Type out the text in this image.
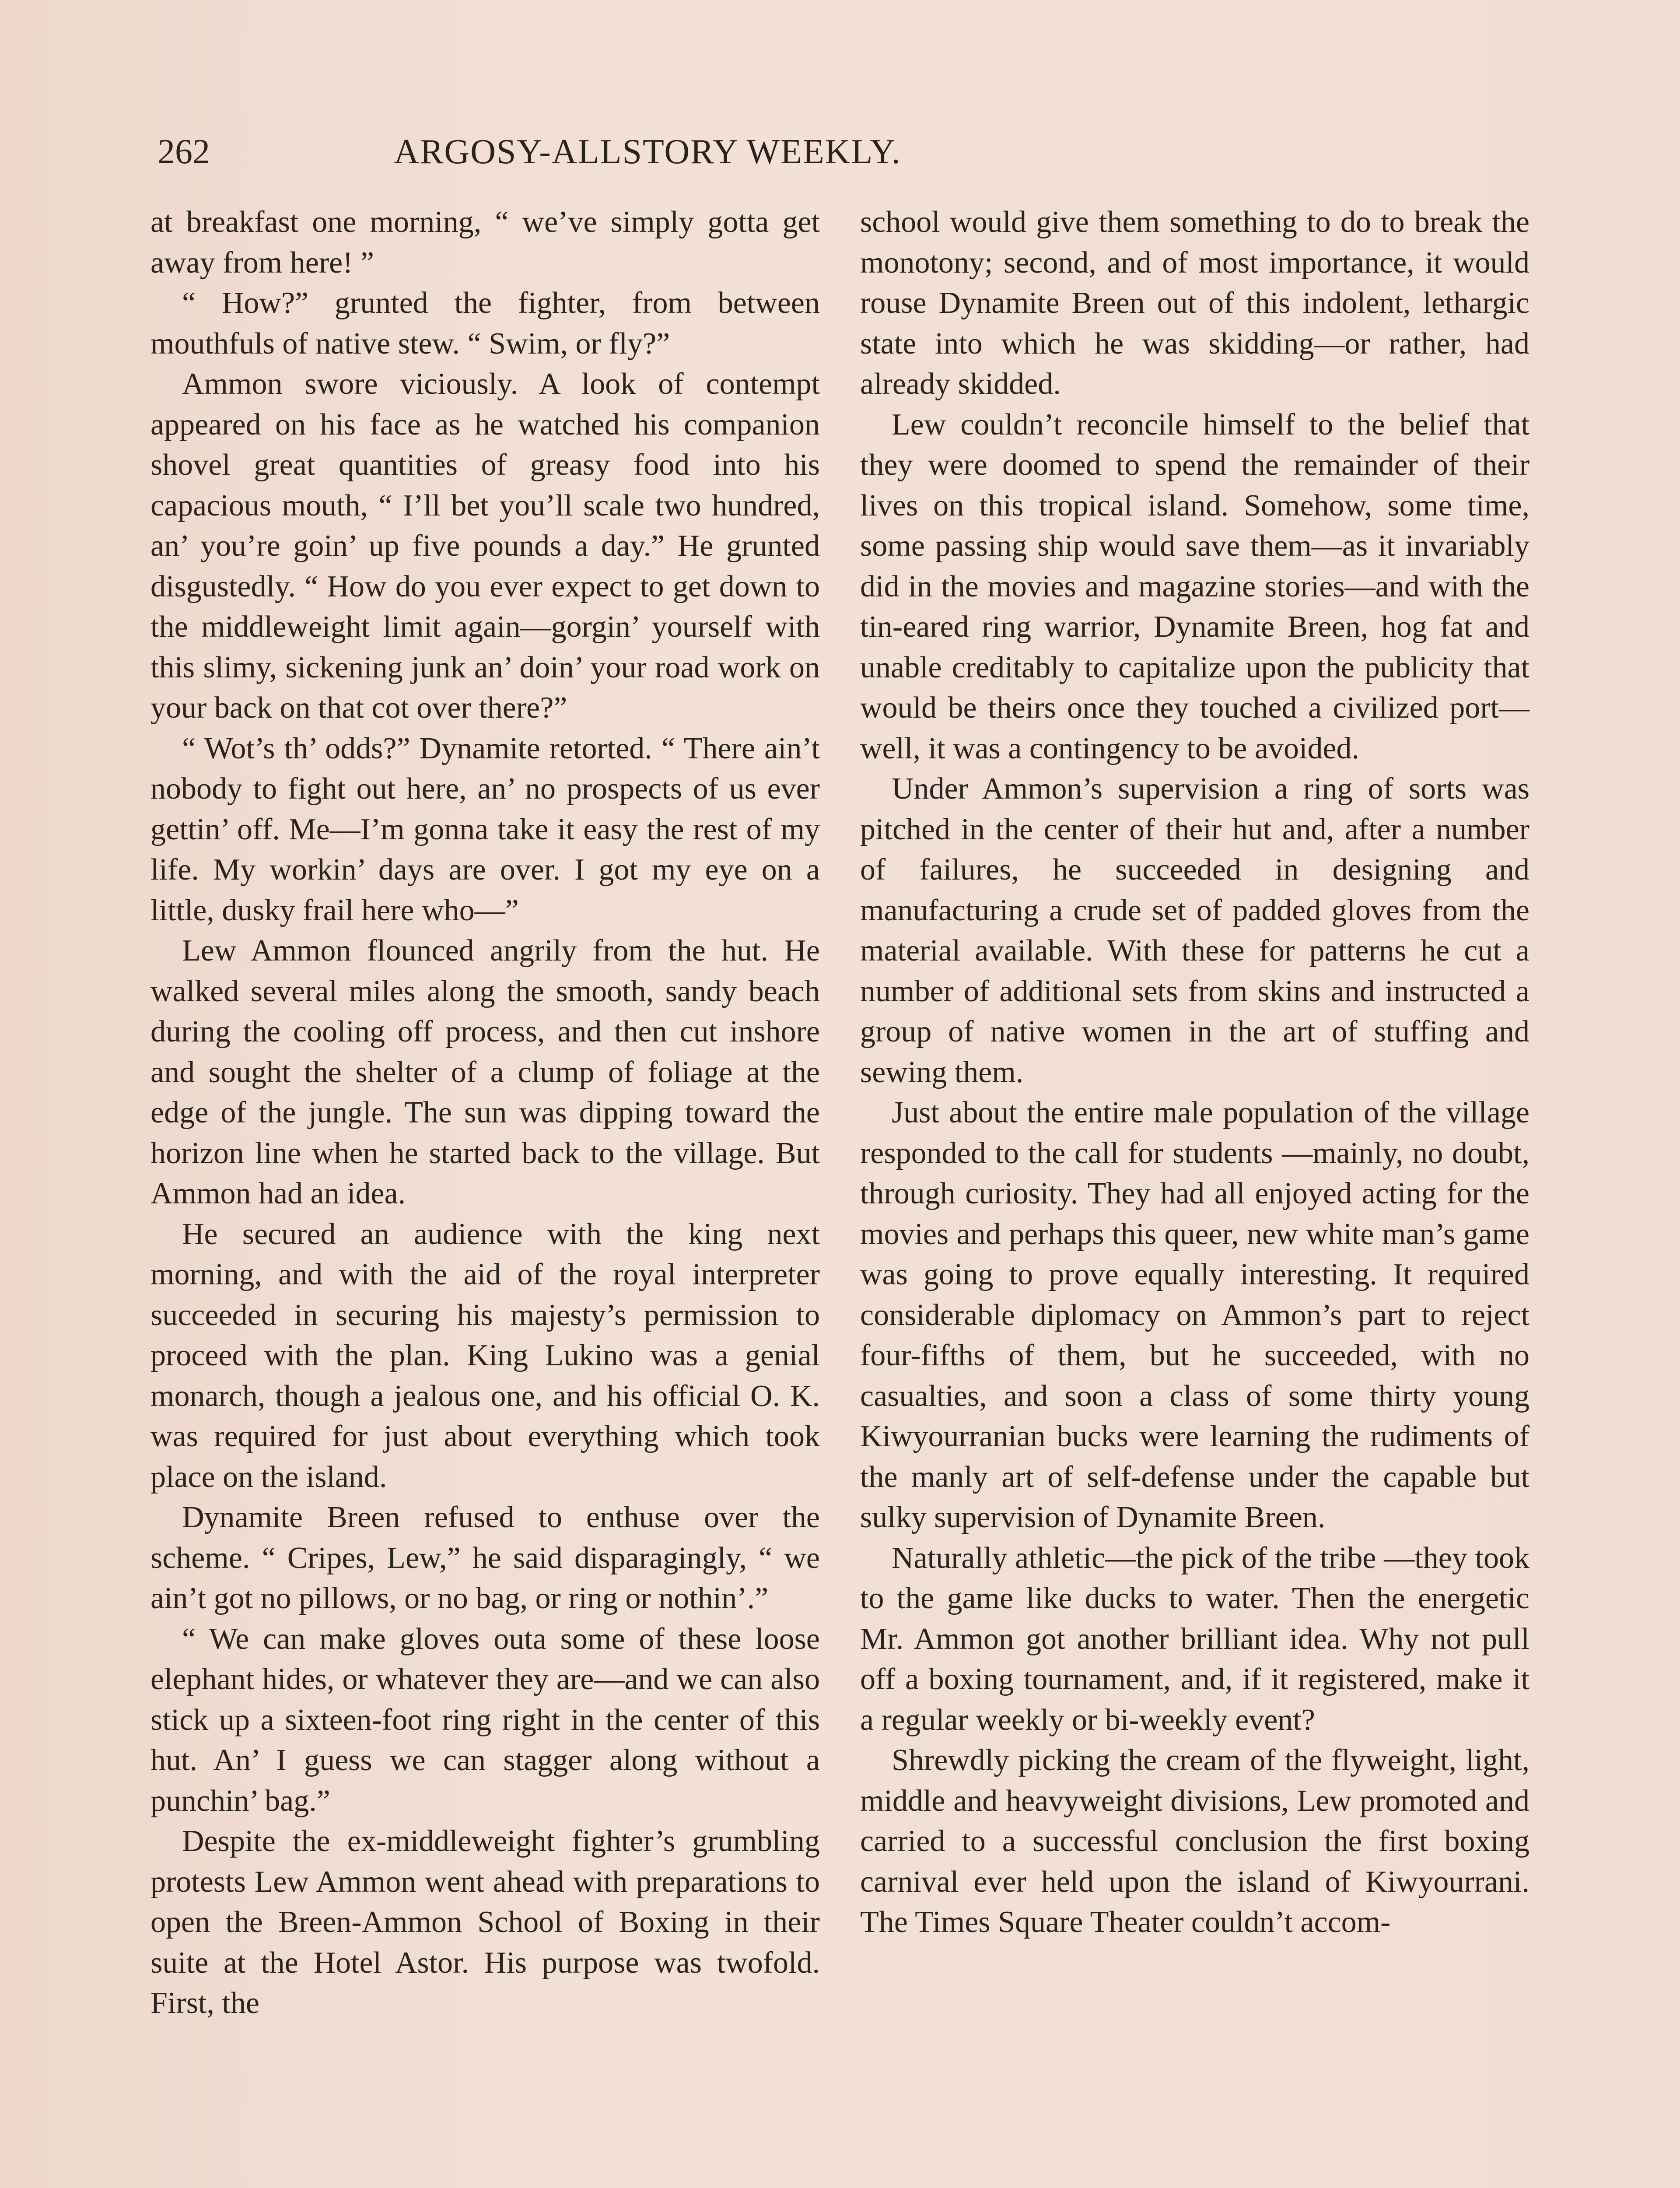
262	ARGOSY-ALLSTORY WEEKLY.

at breakfast one morning, “ we’ve simply gotta get away from here! ”

“ How?” grunted the fighter, from between mouthfuls of native stew. “ Swim, or fly?”

Ammon swore viciously. A look of contempt appeared on his face as he watched his companion shovel great quantities of greasy food into his capacious mouth, “ I’ll bet you’ll scale two hundred, an’ you’re goin’ up five pounds a day.” He grunted disgustedly. “ How do you ever expect to get down to the middleweight limit again—gorgin’ yourself with this slimy, sickening junk an’ doin’ your road work on your back on that cot over there?”

“ Wot’s th’ odds?” Dynamite retorted. “ There ain’t nobody to fight out here, an’ no prospects of us ever gettin’ off. Me—I’m gonna take it easy the rest of my life. My workin’ days are over. I got my eye on a little, dusky frail here who—”

Lew Ammon flounced angrily from the hut. He walked several miles along the smooth, sandy beach during the cooling off process, and then cut inshore and sought the shelter of a clump of foliage at the edge of the jungle. The sun was dipping toward the horizon line when he started back to the village. But Ammon had an idea.

He secured an audience with the king next morning, and with the aid of the royal interpreter succeeded in securing his majesty’s permission to proceed with the plan. King Lukino was a genial monarch, though a jealous one, and his official O. K. was required for just about everything which took place on the island.

Dynamite Breen refused to enthuse over the scheme. “ Cripes, Lew,” he said disparagingly, “ we ain’t got no pillows, or no bag, or ring or nothin’.”

“ We can make gloves outa some of these loose elephant hides, or whatever they are—and we can also stick up a sixteen-foot ring right in the center of this hut. An’ I guess we can stagger along without a punchin’ bag.”

Despite the ex-middleweight fighter’s grumbling protests Lew Ammon went ahead with preparations to open the Breen-Ammon School of Boxing in their suite at the Hotel Astor. His purpose was twofold. First, the

school would give them something to do to break the monotony; second, and of most importance, it would rouse Dynamite Breen out of this indolent, lethargic state into which he was skidding—or rather, had already skidded.

Lew couldn’t reconcile himself to the belief that they were doomed to spend the remainder of their lives on this tropical island. Somehow, some time, some passing ship would save them—as it invariably did in the movies and magazine stories—and with the tin-eared ring warrior, Dynamite Breen, hog fat and unable creditably to capitalize upon the publicity that would be theirs once they touched a civilized port—well, it was a contingency to be avoided.

Under Ammon’s supervision a ring of sorts was pitched in the center of their hut and, after a number of failures, he succeeded in designing and manufacturing a crude set of padded gloves from the material available. With these for patterns he cut a number of additional sets from skins and instructed a group of native women in the art of stuffing and sewing them.

Just about the entire male population of the village responded to the call for students —mainly, no doubt, through curiosity. They had all enjoyed acting for the movies and perhaps this queer, new white man’s game was going to prove equally interesting. It required considerable diplomacy on Ammon’s part to reject four-fifths of them, but he succeeded, with no casualties, and soon a class of some thirty young Kiwyourranian bucks were learning the rudiments of the manly art of self-defense under the capable but sulky supervision of Dynamite Breen.

Naturally athletic—the pick of the tribe —they took to the game like ducks to water. Then the energetic Mr. Ammon got another brilliant idea. Why not pull off a boxing tournament, and, if it registered, make it a regular weekly or bi-weekly event?

Shrewdly picking the cream of the flyweight, light, middle and heavyweight divisions, Lew promoted and carried to a successful conclusion the first boxing carnival ever held upon the island of Kiwyourrani. The Times Square Theater couldn’t accom-
